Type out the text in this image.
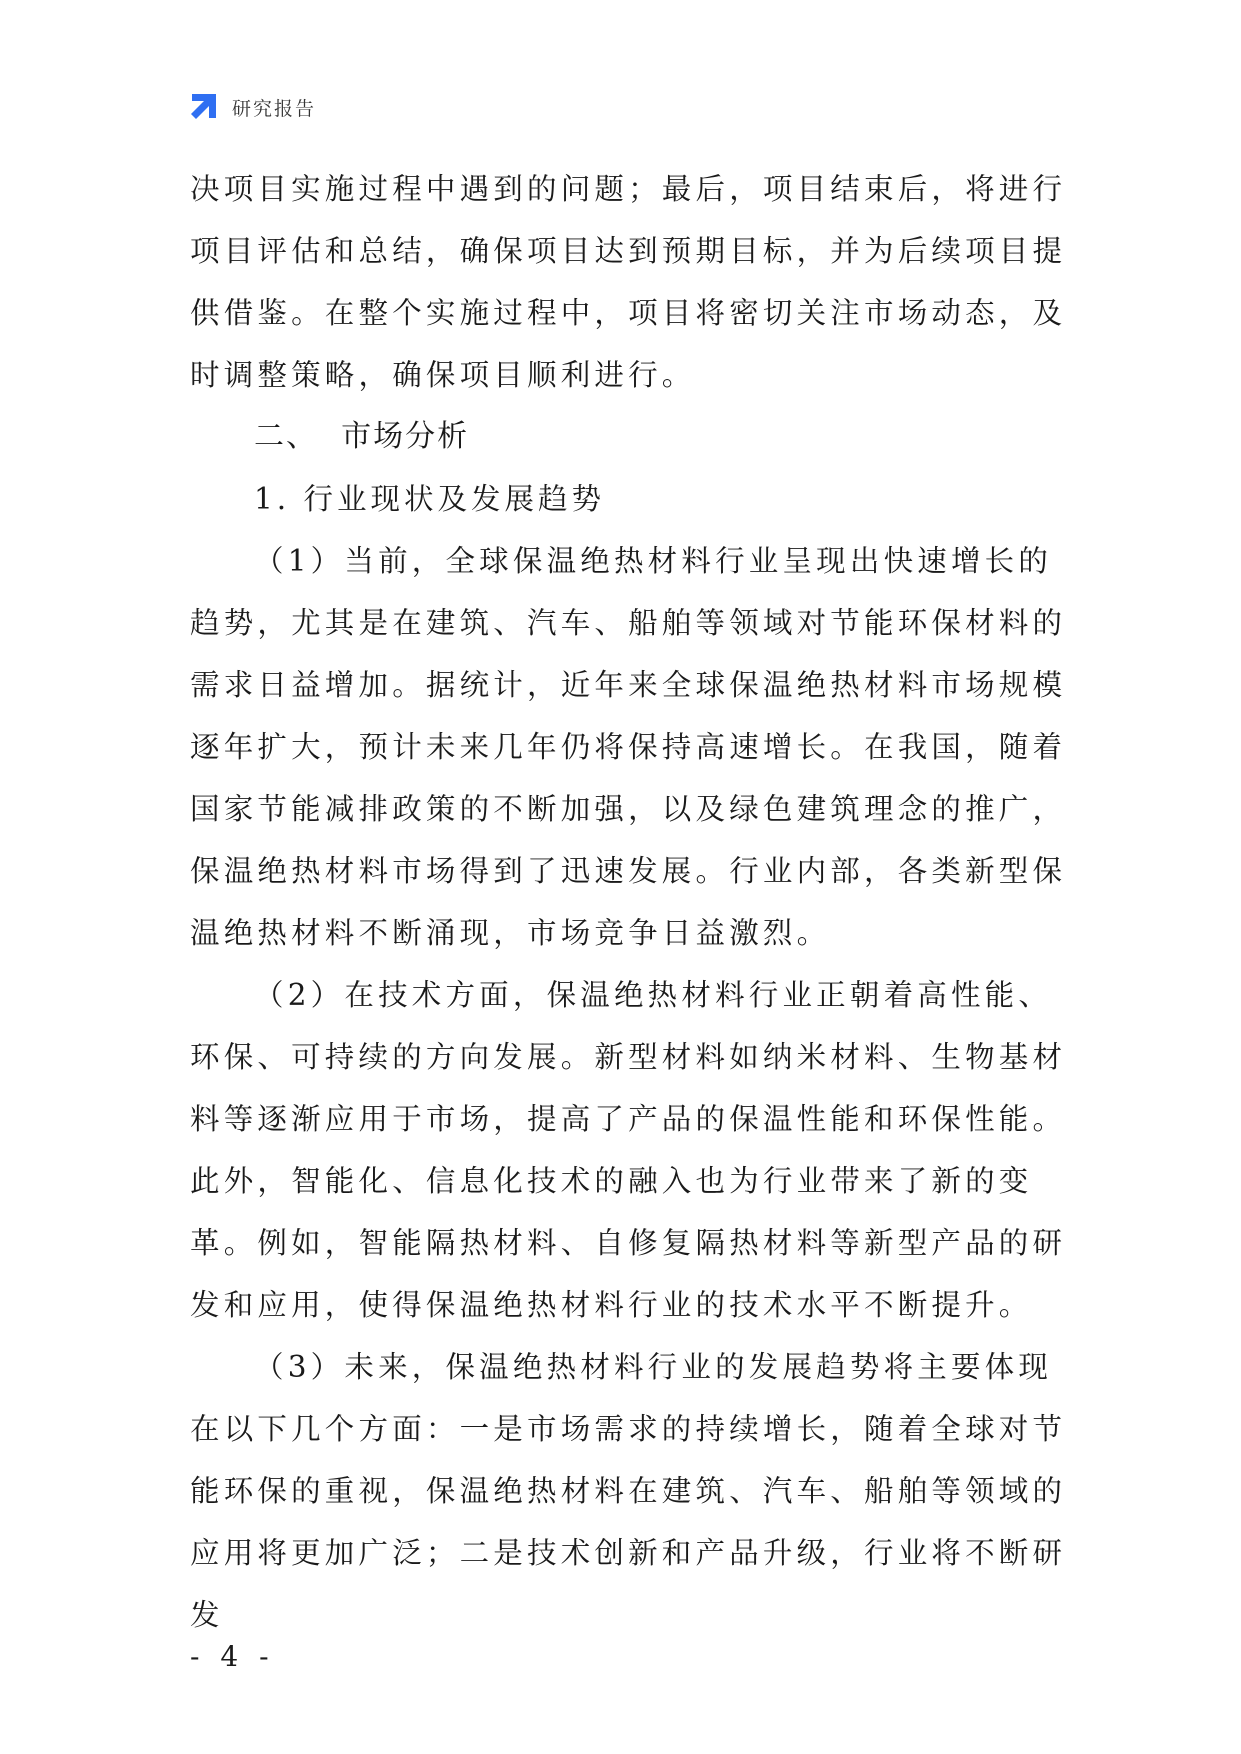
研究报告

决项目实施过程中遇到的问题；最后，项目结束后，将进行项目评估和总结，确保项目达到预期目标，并为后续项目提供借鉴。在整个实施过程中，项目将密切关注市场动态，及时调整策略，确保项目顺利进行。

二、  市场分析

1. 行业现状及发展趋势

（1）当前，全球保温绝热材料行业呈现出快速增长的趋势，尤其是在建筑、汽车、船舶等领域对节能环保材料的需求日益增加。据统计，近年来全球保温绝热材料市场规模逐年扩大，预计未来几年仍将保持高速增长。在我国，随着国家节能减排政策的不断加强，以及绿色建筑理念的推广，保温绝热材料市场得到了迅速发展。行业内部，各类新型保温绝热材料不断涌现，市场竞争日益激烈。

（2）在技术方面，保温绝热材料行业正朝着高性能、环保、可持续的方向发展。新型材料如纳米材料、生物基材料等逐渐应用于市场，提高了产品的保温性能和环保性能。此外，智能化、信息化技术的融入也为行业带来了新的变革。例如，智能隔热材料、自修复隔热材料等新型产品的研发和应用，使得保温绝热材料行业的技术水平不断提升。

（3）未来，保温绝热材料行业的发展趋势将主要体现在以下几个方面：一是市场需求的持续增长，随着全球对节能环保的重视，保温绝热材料在建筑、汽车、船舶等领域的应用将更加广泛；二是技术创新和产品升级，行业将不断研发

- 4 -
